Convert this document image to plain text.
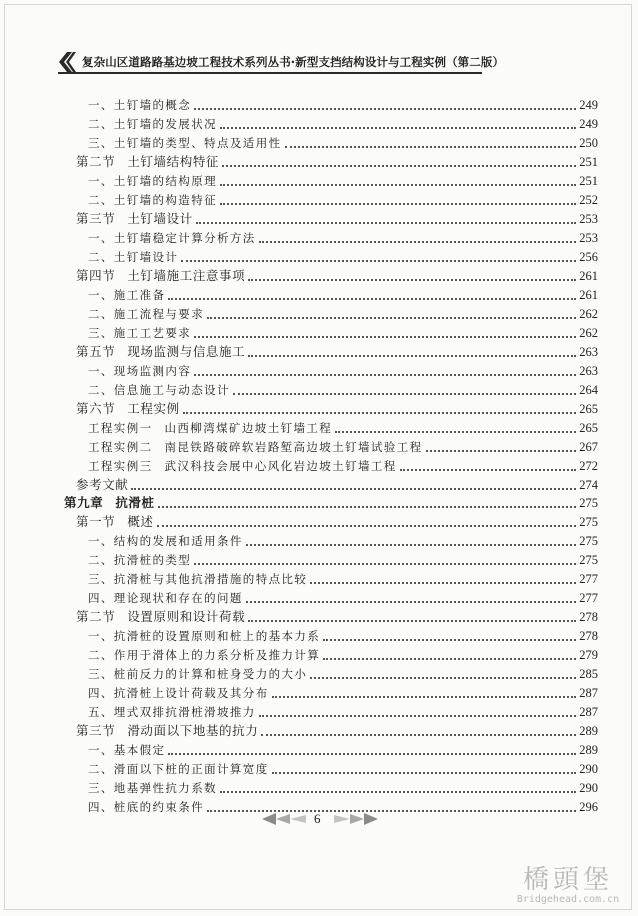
复杂山区道路路基边坡工程技术系列丛书·新型支挡结构设计与工程实例（第二版）
一、土钉墙的概念	249
二、土钉墙的发展状况	249
三、土钉墙的类型、特点及适用性	250
第二节 土钉墙结构特征	251
一、土钉墙的结构原理	251
二、土钉墙的构造特征	252
第三节 土钉墙设计	253
一、土钉墙稳定计算分析方法	253
二、土钉墙设计	256
第四节 土钉墙施工注意事项	261
一、施工准备	261
二、施工流程与要求	262
三、施工工艺要求	262
第五节 现场监测与信息施工	263
一、现场监测内容	263
二、信息施工与动态设计	264
第六节 工程实例	265
工程实例一 山西柳湾煤矿边坡土钉墙工程	265
工程实例二 南昆铁路破碎软岩路堑高边坡土钉墙试验工程	267
工程实例三 武汉科技会展中心风化岩边坡土钉墙工程	272
参考文献	274
第九章 抗滑桩	275
第一节 概述	275
一、结构的发展和适用条件	275
二、抗滑桩的类型	275
三、抗滑桩与其他抗滑措施的特点比较	277
四、理论现状和存在的问题	277
第二节 设置原则和设计荷载	278
一、抗滑桩的设置原则和桩上的基本力系	278
二、作用于滑体上的力系分析及推力计算	279
三、桩前反力的计算和桩身受力的大小	285
四、抗滑桩上设计荷载及其分布	287
五、埋式双排抗滑桩滑坡推力	287
第三节 滑动面以下地基的抗力	289
一、基本假定	289
二、滑面以下桩的正面计算宽度	290
三、地基弹性抗力系数	290
四、桩底的约束条件	296
6
橋頭堡
Bridgehead.com.cn
